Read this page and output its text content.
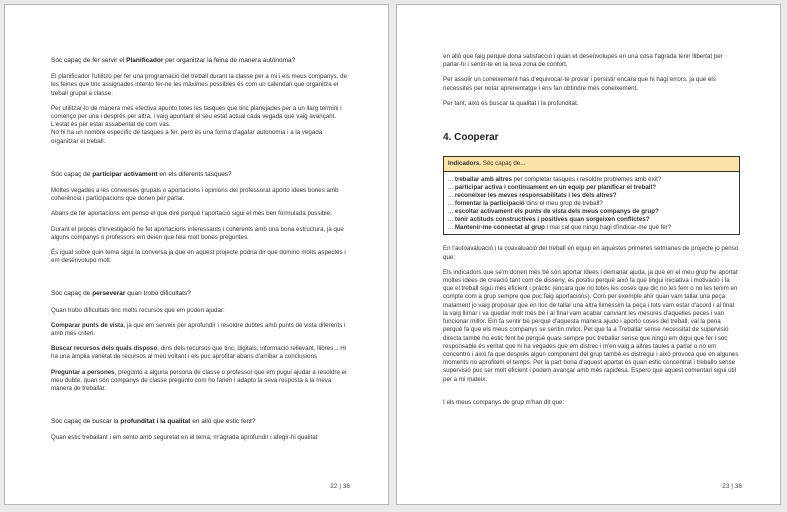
Sóc capaç de fer servir el Planificador per organitzar la feina de manera autònoma?

El planificador l'utilitzo per fer una programació del treball durant la classe per a mi i els meus companys, de les feines que tinc assignades intento fer-ne les màximes possibles és com un calendari que organitza el treball grupal a classe.

Per utilitzar-lo de manera més efectiva apunto totes les tasques que tinc planejades per a un llarg termini i començo per una i després per altra, i vaig apuntant el seu estat actual cada vegada que vaig avançant. L'estat és per estar assabentat de com vas.

No hi ha un nombre específic de tasques a fer, però és una forma d'agafar autonomia i a la vegada organitzar el treball.

Sóc capaç de participar activament en els diferents tasques?

Moltes vegades a les converses grupals o aportacions i opinions del professorat aporto idees bones amb coherència i participacions que donen per parlar.

Abans de fer aportacions em penso el que diré perquè l'aportació sigui el més ben formulada possible.

Durant el procés d'investigació he fet aportacions interessants i coherents amb una bona estructura, ja que alguns companys o professors em deien que feia molt bones preguntes.

És igual sobre quin tema sigui la conversa ja que en aquest projecte podria dir que domino molts aspectes i em desenvolupo molt.

Sóc capaç de perseverar quan trobo dificultats?

Quan trobo dificultats tinc molts recursos que em poden ajudar:

Comparar punts de vista, ja que em serveix per aprofundir i resoldre dubtes amb punts de vista diferents i amb més criteri.

Buscar recursos dels quals disposo, dins dels recursos que tinc, digitals, informació rellevant, llibres... Hi ha una àmplia varietat de recursos al meu voltant i els puc aprofitar abans d'arribar a conclusions

Preguntar a persones, pregunto a alguna persona de classe o professor que em pugui ajudar a resoldre el meu dubte, quan són companys de classe pregunto com ho farien i adapto la seva resposta a la meva manera de treballar.

Sóc capaç de buscar la profunditat i la qualitat en allò que estic fent?

Quan estic treballant i em sento amb seguretat en el tema, m'agrada aprofundir i afegir-hi qualitat

22 | 38

en allò que faig perquè dona satisfacció i quan et desenvolupes en una cosa t'agrada tenir llibertat per parlar-hi i sentir-te en la teva zona de confort.

Per assolir un coneixement has d'equivocar-te provar i persistir encara que hi hagi errors, ja que els necessites per notar aprenentatge i ens fan obtindre més coneixement.

Per tant, això és buscar la qualitat i la profunditat.

4. Cooperar
Indicadors. Sóc capaç de...
... treballar amb altres per completar tasques i resoldre problemes amb èxit?
... participar activa i continuament en un equip per planificar el treball?
... reconèixer les meves responsabilitats i les dels altres?
... fomentar la participació dins el meu grup de treball?
... escoltar activament els punts de vista dels meus companys de grup?
... tenir actituds constructives i positives quan sorgeixen conflictes?
... Mantenir-me connectat al grup i mai cal que ningú hagi d'indicar-me què fer?

En l'autoavaluació i la coavaluació del treball en equip en aquestes primeres setmanes de projecte jo penso que:

Els indicadors que se'm donen més bé són aportar idees i demanar ajuda, ja que en el meu grup he aportat moltes idees de creació tant com de disseny, és positiu perquè això fa que tingui iniciativa i motivació i fa que el treball sigui més eficient i pràctic (encara que no totes les coses que dic no les fem o no les tenim en compte com a grup sempre que puc faig aportacions). Com per exemple ahir quan vam tallar una peça malament jo vaig proposar que en lloc de tallar una altra llimèssim la peça i tots vam estar d'acord i al final la vaig llimar i va quedar molt més bé i al final vam acabar canviant les mesures d'aquelles peces i van funcionar millor. Em fa sentir bé perquè d'aquesta manera ajudo i aporto coses del treball, val la pena perquè fa que els meus companys se sentin millor. Pel que fa a Treballar sense necessitat de supervisió directa també ho estic fent bé perquè quasi sempre puc treballar sense que ningú em digui que fer i soc responsable és veritat que hi ha vegades que em distrec i m'en vaig a altres taules a parlar o no em concentro i això fa que després algun component del grup també es distregui i això provoca que en algunes moments no aprofitem el temps. Per la part bona d'aquest apartat és quan estic concentrat i treballo sense supervisió puc ser molt eficient i podem avançar amb més rapidesa. Espero que aquest comentari sigui útil per a mi mateix.

I els meus companys de grup m'han dit que:

23 | 38
